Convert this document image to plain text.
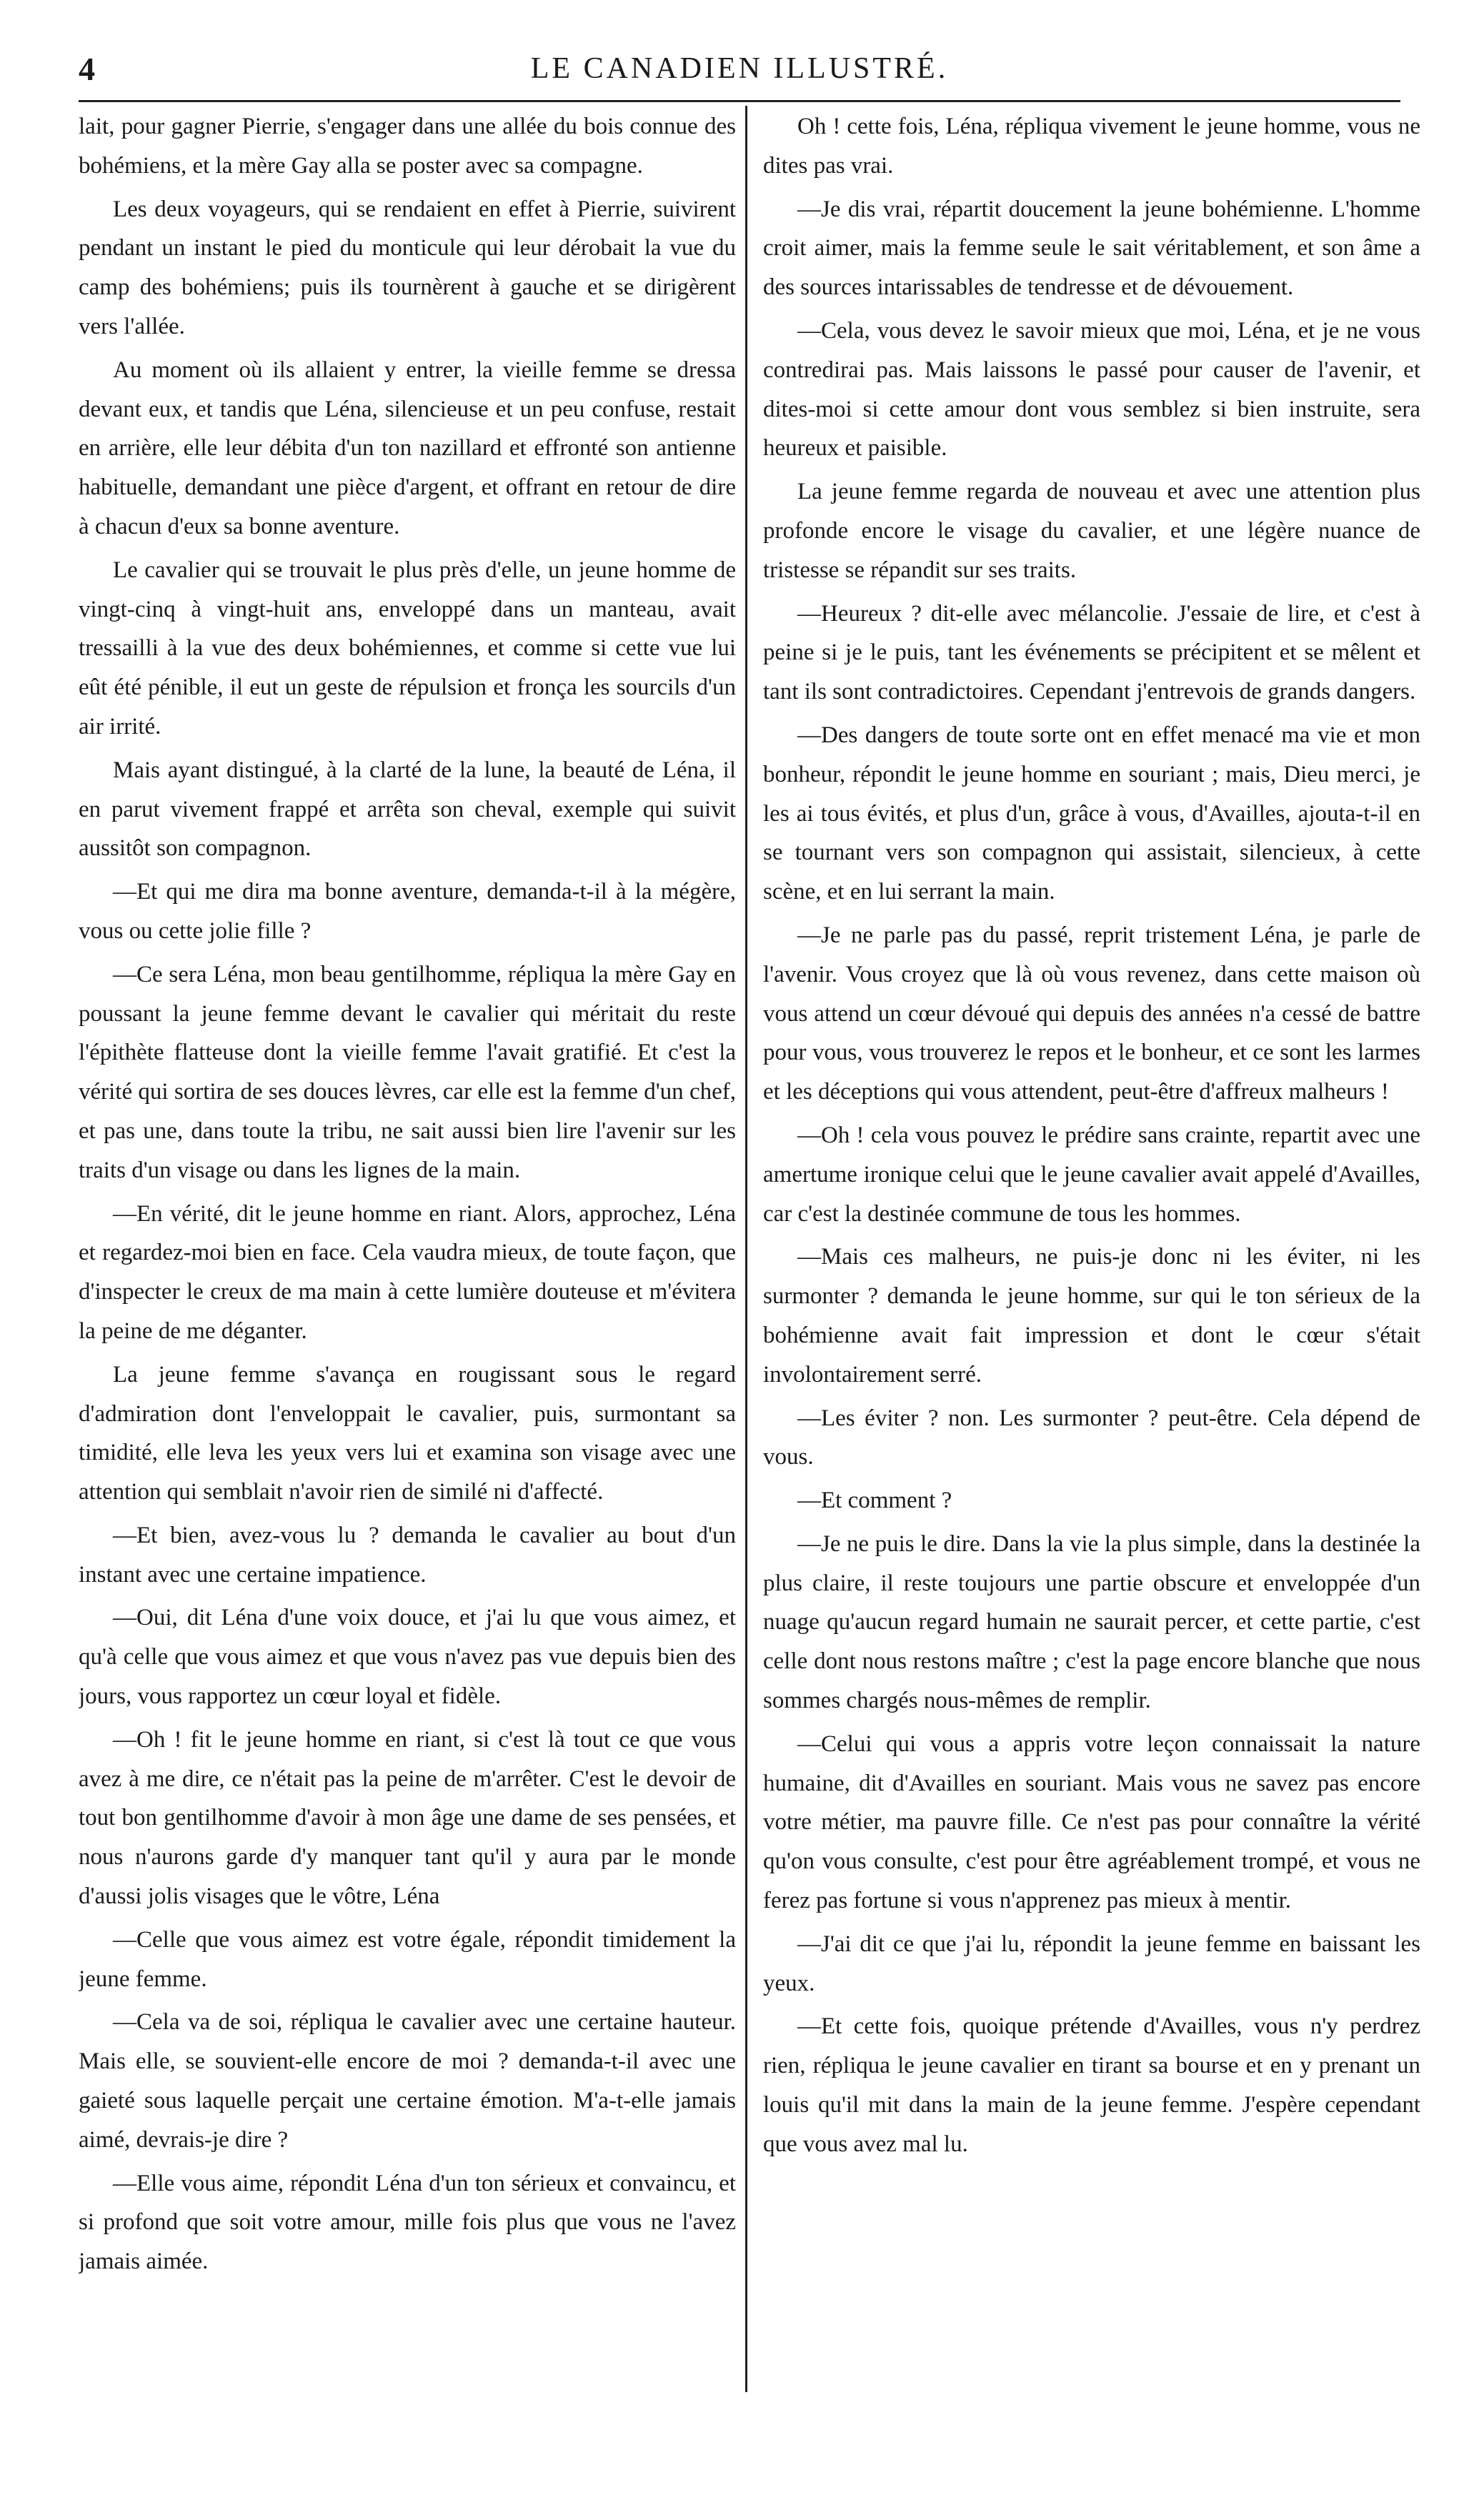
4	LE CANADIEN ILLUSTRÉ.

lait, pour gagner Pierrie, s'engager dans une allée du bois connue des bohémiens, et la mère Gay alla se poster avec sa compagne.

Les deux voyageurs, qui se rendaient en effet à Pierrie, suivirent pendant un instant le pied du monticule qui leur dérobait la vue du camp des bohémiens; puis ils tournèrent à gauche et se dirigèrent vers l'allée.

Au moment où ils allaient y entrer, la vieille femme se dressa devant eux, et tandis que Léna, silencieuse et un peu confuse, restait en arrière, elle leur débita d'un ton nazillard et effronté son antienne habituelle, demandant une pièce d'argent, et offrant en retour de dire à chacun d'eux sa bonne aventure.

Le cavalier qui se trouvait le plus près d'elle, un jeune homme de vingt-cinq à vingt-huit ans, enveloppé dans un manteau, avait tressailli à la vue des deux bohémiennes, et comme si cette vue lui eût été pénible, il eut un geste de répulsion et fronça les sourcils d'un air irrité.

Mais ayant distingué, à la clarté de la lune, la beauté de Léna, il en parut vivement frappé et arrêta son cheval, exemple qui suivit aussitôt son compagnon.

—Et qui me dira ma bonne aventure, demanda-t-il à la mégère, vous ou cette jolie fille ?

—Ce sera Léna, mon beau gentilhomme, répliqua la mère Gay en poussant la jeune femme devant le cavalier qui méritait du reste l'épithète flatteuse dont la vieille femme l'avait gratifié. Et c'est la vérité qui sortira de ses douces lèvres, car elle est la femme d'un chef, et pas une, dans toute la tribu, ne sait aussi bien lire l'avenir sur les traits d'un visage ou dans les lignes de la main.

—En vérité, dit le jeune homme en riant. Alors, approchez, Léna et regardez-moi bien en face. Cela vaudra mieux, de toute façon, que d'inspecter le creux de ma main à cette lumière douteuse et m'évitera la peine de me déganter.

La jeune femme s'avança en rougissant sous le regard d'admiration dont l'enveloppait le cavalier, puis, surmontant sa timidité, elle leva les yeux vers lui et examina son visage avec une attention qui semblait n'avoir rien de similé ni d'affecté.

—Et bien, avez-vous lu ? demanda le cavalier au bout d'un instant avec une certaine impatience.

—Oui, dit Léna d'une voix douce, et j'ai lu que vous aimez, et qu'à celle que vous aimez et que vous n'avez pas vue depuis bien des jours, vous rapportez un cœur loyal et fidèle.

—Oh ! fit le jeune homme en riant, si c'est là tout ce que vous avez à me dire, ce n'était pas la peine de m'arrêter. C'est le devoir de tout bon gentilhomme d'avoir à mon âge une dame de ses pensées, et nous n'aurons garde d'y manquer tant qu'il y aura par le monde d'aussi jolis visages que le vôtre, Léna

—Celle que vous aimez est votre égale, répondit timidement la jeune femme.

—Cela va de soi, répliqua le cavalier avec une certaine hauteur. Mais elle, se souvient-elle encore de moi ? demanda-t-il avec une gaieté sous laquelle perçait une certaine émotion. M'a-t-elle jamais aimé, devrais-je dire ?

—Elle vous aime, répondit Léna d'un ton sérieux et convaincu, et si profond que soit votre amour, mille fois plus que vous ne l'avez jamais aimée.

Oh ! cette fois, Léna, répliqua vivement le jeune homme, vous ne dites pas vrai.

—Je dis vrai, répartit doucement la jeune bohémienne. L'homme croit aimer, mais la femme seule le sait véritablement, et son âme a des sources intarissables de tendresse et de dévouement.

—Cela, vous devez le savoir mieux que moi, Léna, et je ne vous contredirai pas. Mais laissons le passé pour causer de l'avenir, et dites-moi si cette amour dont vous semblez si bien instruite, sera heureux et paisible.

La jeune femme regarda de nouveau et avec une attention plus profonde encore le visage du cavalier, et une légère nuance de tristesse se répandit sur ses traits.

—Heureux ? dit-elle avec mélancolie. J'essaie de lire, et c'est à peine si je le puis, tant les événements se précipitent et se mêlent et tant ils sont contradictoires. Cependant j'entrevois de grands dangers.

—Des dangers de toute sorte ont en effet menacé ma vie et mon bonheur, répondit le jeune homme en souriant ; mais, Dieu merci, je les ai tous évités, et plus d'un, grâce à vous, d'Availles, ajouta-t-il en se tournant vers son compagnon qui assistait, silencieux, à cette scène, et en lui serrant la main.

—Je ne parle pas du passé, reprit tristement Léna, je parle de l'avenir. Vous croyez que là où vous revenez, dans cette maison où vous attend un cœur dévoué qui depuis des années n'a cessé de battre pour vous, vous trouverez le repos et le bonheur, et ce sont les larmes et les déceptions qui vous attendent, peut-être d'affreux malheurs !

—Oh ! cela vous pouvez le prédire sans crainte, repartit avec une amertume ironique celui que le jeune cavalier avait appelé d'Availles, car c'est la destinée commune de tous les hommes.

—Mais ces malheurs, ne puis-je donc ni les éviter, ni les surmonter ? demanda le jeune homme, sur qui le ton sérieux de la bohémienne avait fait impression et dont le cœur s'était involontairement serré.

—Les éviter ? non. Les surmonter ? peut-être. Cela dépend de vous.

—Et comment ?

—Je ne puis le dire. Dans la vie la plus simple, dans la destinée la plus claire, il reste toujours une partie obscure et enveloppée d'un nuage qu'aucun regard humain ne saurait percer, et cette partie, c'est celle dont nous restons maître ; c'est la page encore blanche que nous sommes chargés nous-mêmes de remplir.

—Celui qui vous a appris votre leçon connaissait la nature humaine, dit d'Availles en souriant. Mais vous ne savez pas encore votre métier, ma pauvre fille. Ce n'est pas pour connaître la vérité qu'on vous consulte, c'est pour être agréablement trompé, et vous ne ferez pas fortune si vous n'apprenez pas mieux à mentir.

—J'ai dit ce que j'ai lu, répondit la jeune femme en baissant les yeux.

—Et cette fois, quoique prétende d'Availles, vous n'y perdrez rien, répliqua le jeune cavalier en tirant sa bourse et en y prenant un louis qu'il mit dans la main de la jeune femme. J'espère cependant que vous avez mal lu.
